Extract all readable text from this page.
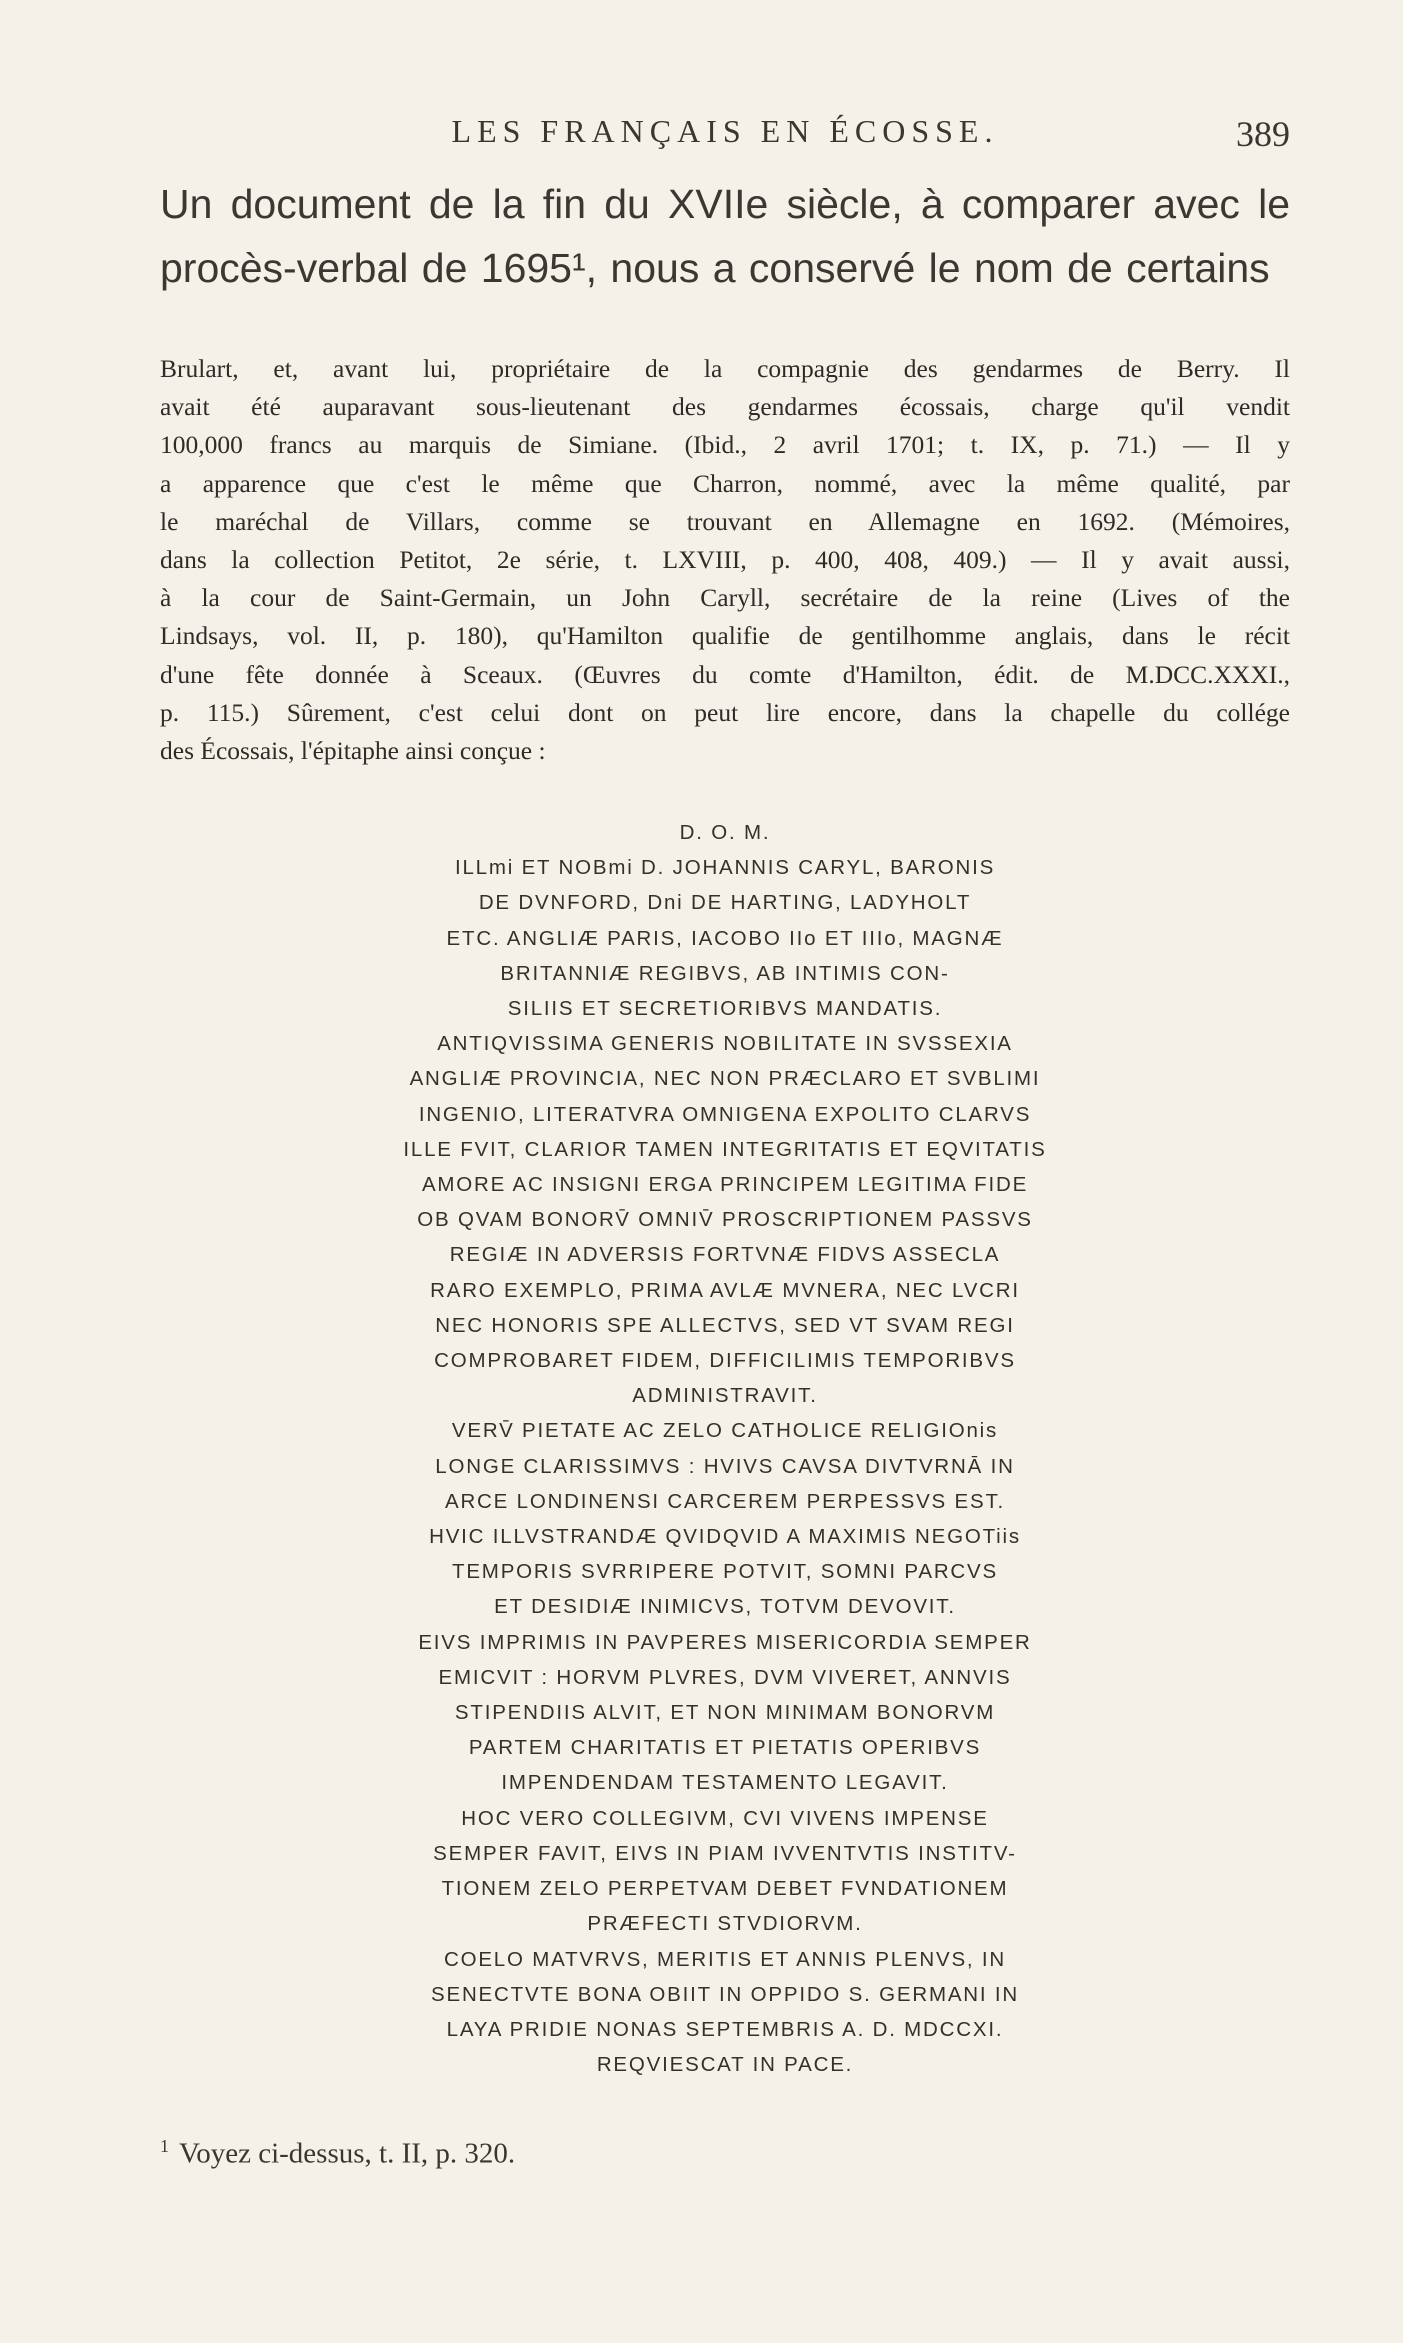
LES FRANÇAIS EN ÉCOSSE.	389
Un document de la fin du XVIIe siècle, à comparer avec le procès-verbal de 1695¹, nous a conservé le nom de certains
Brulart, et, avant lui, propriétaire de la compagnie des gendarmes de Berry. Il
avait été auparavant sous-lieutenant des gendarmes écossais, charge qu'il vendit
100,000 francs au marquis de Simiane. (Ibid., 2 avril 1701; t. IX, p. 71.) — Il y
a apparence que c'est le même que Charron, nommé, avec la même qualité, par
le maréchal de Villars, comme se trouvant en Allemagne en 1692. (Mémoires,
dans la collection Petitot, 2e série, t. LXVIII, p. 400, 408, 409.) — Il y avait aussi,
à la cour de Saint-Germain, un John Caryll, secrétaire de la reine (Lives of the
Lindsays, vol. II, p. 180), qu'Hamilton qualifie de gentilhomme anglais, dans le récit
d'une fête donnée à Sceaux. (Œuvres du comte d'Hamilton, édit. de M.DCC.XXXI.,
p. 115.) Sûrement, c'est celui dont on peut lire encore, dans la chapelle du collége
des Écossais, l'épitaphe ainsi conçue :
D. O. M.
ILLmi ET NOBmi D. JOHANNIS CARYL, BARONIS
DE DVNFORD, Dni DE HARTING, LADYHOLT
ETC. ANGLIÆ PARIS, IACOBO IIo ET IIIo, MAGNÆ
BRITANNIÆ REGIBVS, AB INTIMIS CON-
SILIIS ET SECRETIORIBVS MANDATIS.
ANTIQVISSIMA GENERIS NOBILITATE IN SVSSEXIA
ANGLIÆ PROVINCIA, NEC NON PRÆCLARO ET SVBLIMI
INGENIO, LITERATVRA OMNIGENA EXPOLITO CLARVS
ILLE FVIT, CLARIOR TAMEN INTEGRITATIS ET EQVITATIS
AMORE AC INSIGNI ERGA PRINCIPEM LEGITIMA FIDE
OB QVAM BONORV̄ OMNIV̄ PROSCRIPTIONEM PASSVS
REGIÆ IN ADVERSIS FORTVNÆ FIDVS ASSECLA
RARO EXEMPLO, PRIMA AVLÆ MVNERA, NEC LVCRI
NEC HONORIS SPE ALLECTVS, SED VT SVAM REGI
COMPROBARET FIDEM, DIFFICILIMIS TEMPORIBVS
ADMINISTRAVIT.
VERV̄ PIETATE AC ZELO CATHOLICE RELIGIOnis
LONGE CLARISSIMVS : HVIVS CAVSA DIVTVRNĀ IN
ARCE LONDINENSI CARCEREM PERPESSVS EST.
HVIC ILLVSTRANDÆ QVIDQVID A MAXIMIS NEGOTiis
TEMPORIS SVRRIPERE POTVIT, SOMNI PARCVS
ET DESIDIÆ INIMICVS, TOTVM DEVOVIT.
EIVS IMPRIMIS IN PAVPERES MISERICORDIA SEMPER
EMICVIT : HORVM PLVRES, DVM VIVERET, ANNVIS
STIPENDIIS ALVIT, ET NON MINIMAM BONORVM
PARTEM CHARITATIS ET PIETATIS OPERIBVS
IMPENDENDAM TESTAMENTO LEGAVIT.
HOC VERO COLLEGIVM, CVI VIVENS IMPENSE
SEMPER FAVIT, EIVS IN PIAM IVVENTVTIS INSTITV-
TIONEM ZELO PERPETVAM DEBET FVNDATIONEM
PRÆFECTI STVDIORVM.
COELO MATVRVS, MERITIS ET ANNIS PLENVS, IN
SENECTVTE BONA OBIIT IN OPPIDO S. GERMANI IN
LAYA PRIDIE NONAS SEPTEMBRIS A. D. MDCCXI.
REQVIESCAT IN PACE.
$^1$ Voyez ci-dessus, t. II, p. 320.
